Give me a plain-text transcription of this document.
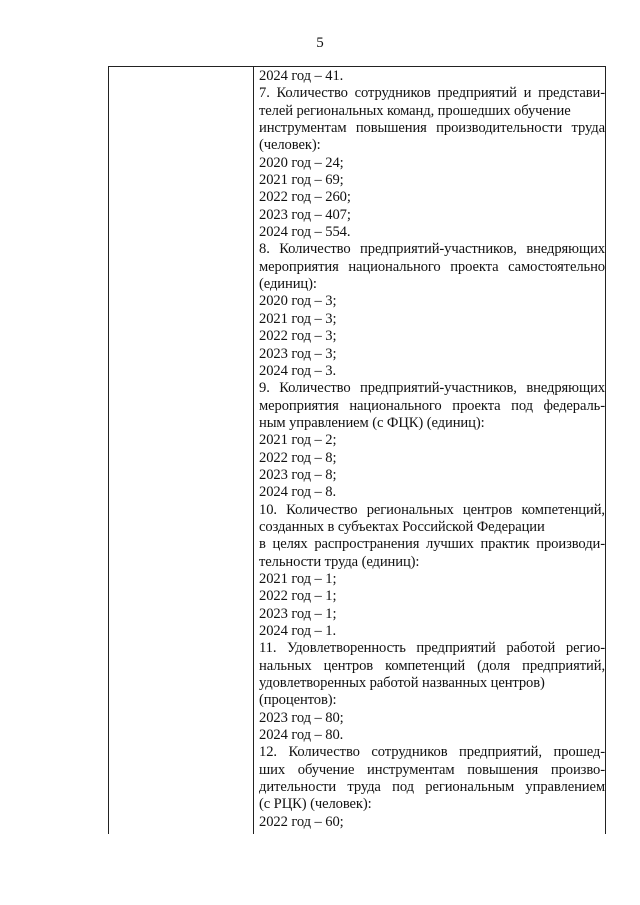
5
2024 год – 41.
7. Количество сотрудников предприятий и представи-
телей региональных команд, прошедших обучение
инструментам повышения производительности труда
(человек):
2020 год – 24;
2021 год – 69;
2022 год – 260;
2023 год – 407;
2024 год – 554.
8. Количество предприятий-участников, внедряющих
мероприятия национального проекта самостоятельно
(единиц):
2020 год – 3;
2021 год – 3;
2022 год – 3;
2023 год – 3;
2024 год – 3.
9. Количество предприятий-участников, внедряющих
мероприятия национального проекта под федераль-
ным управлением (с ФЦК) (единиц):
2021 год – 2;
2022 год – 8;
2023 год – 8;
2024 год – 8.
10. Количество региональных центров компетенций,
созданных в субъектах Российской Федерации
в целях распространения лучших практик производи-
тельности труда (единиц):
2021 год – 1;
2022 год – 1;
2023 год – 1;
2024 год – 1.
11. Удовлетворенность предприятий работой регио-
нальных центров компетенций (доля предприятий,
удовлетворенных работой названных центров)
(процентов):
2023 год – 80;
2024 год – 80.
12. Количество сотрудников предприятий, прошед-
ших обучение инструментам повышения произво-
дительности труда под региональным управлением
(с РЦК) (человек):
2022 год – 60;
